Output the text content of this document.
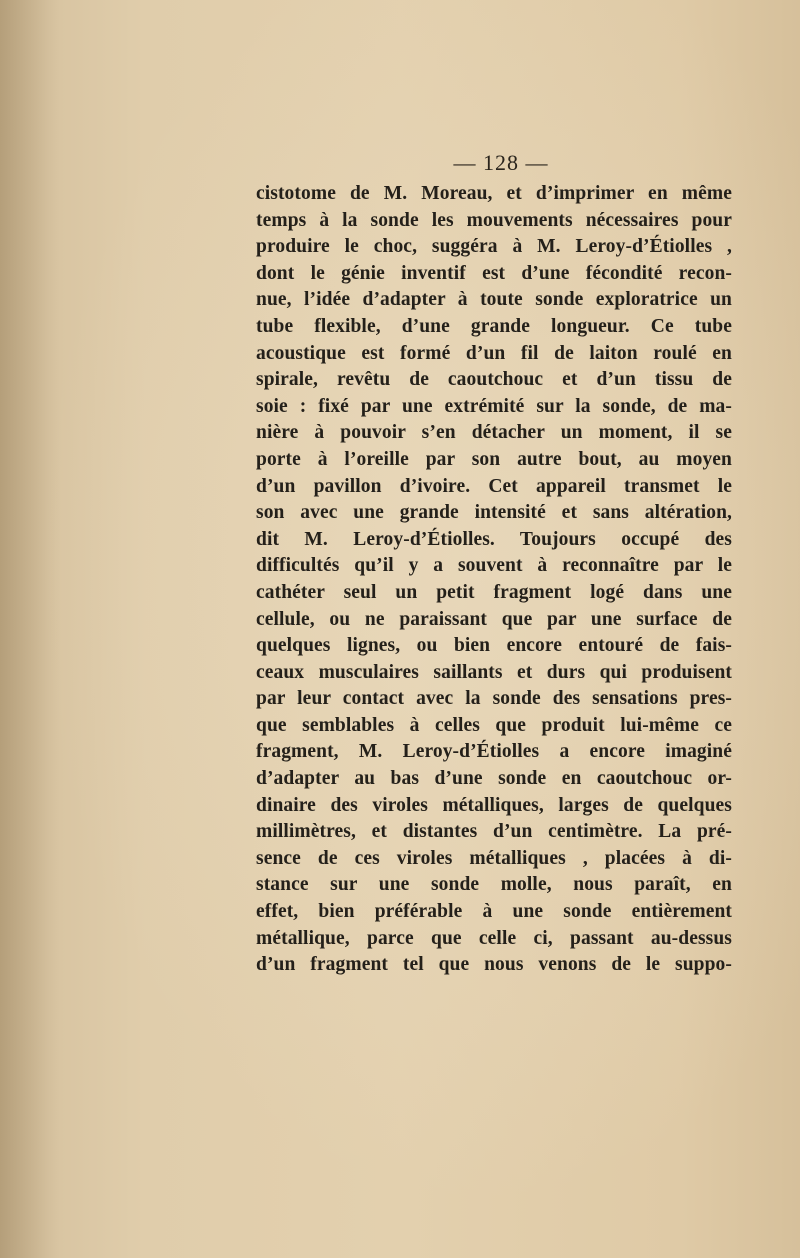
— 128 —
cistotome de M. Moreau, et d’imprimer en même
temps à la sonde les mouvements nécessaires pour
produire le choc, suggéra à M. Leroy-d’Étiolles ,
dont le génie inventif est d’une fécondité recon-
nue, l’idée d’adapter à toute sonde exploratrice un
tube flexible, d’une grande longueur. Ce tube
acoustique est formé d’un fil de laiton roulé en
spirale, revêtu de caoutchouc et d’un tissu de
soie : fixé par une extrémité sur la sonde, de ma-
nière à pouvoir s’en détacher un moment, il se
porte à l’oreille par son autre bout, au moyen
d’un pavillon d’ivoire. Cet appareil transmet le
son avec une grande intensité et sans altération,
dit M. Leroy-d’Étiolles. Toujours occupé des
difficultés qu’il y a souvent à reconnaître par le
cathéter seul un petit fragment logé dans une
cellule, ou ne paraissant que par une surface de
quelques lignes, ou bien encore entouré de fais-
ceaux musculaires saillants et durs qui produisent
par leur contact avec la sonde des sensations pres-
que semblables à celles que produit lui-même ce
fragment, M. Leroy-d’Étiolles a encore imaginé
d’adapter au bas d’une sonde en caoutchouc or-
dinaire des viroles métalliques, larges de quelques
millimètres, et distantes d’un centimètre. La pré-
sence de ces viroles métalliques , placées à di-
stance sur une sonde molle, nous paraît, en
effet, bien préférable à une sonde entièrement
métallique, parce que celle ci, passant au-dessus
d’un fragment tel que nous venons de le suppo-
